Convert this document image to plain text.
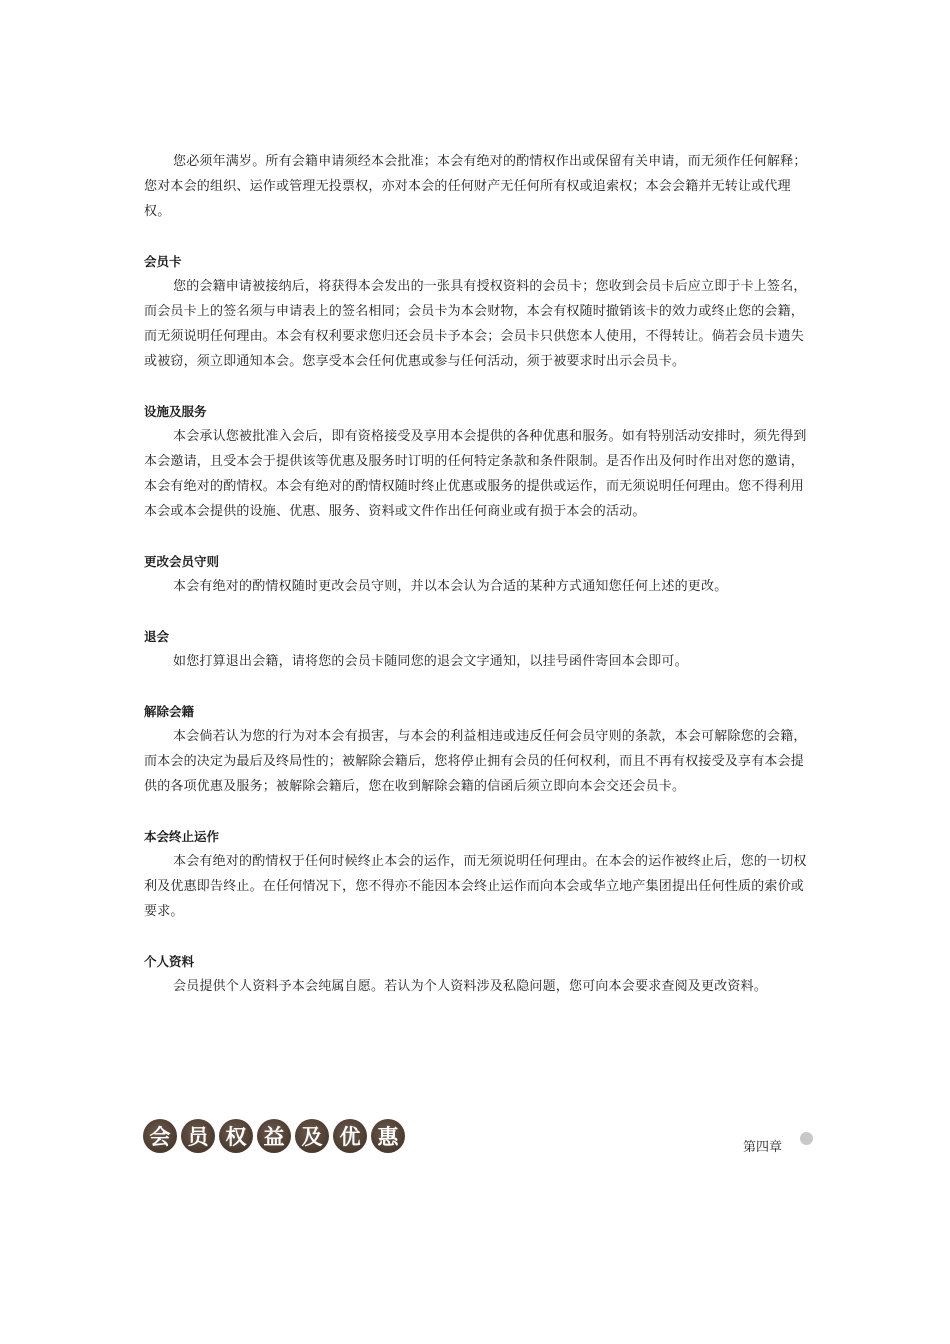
您必须年满岁。所有会籍申请须经本会批准；本会有绝对的酌情权作出或保留有关申请，而无须作任何解释；您对本会的组织、运作或管理无投票权，亦对本会的任何财产无任何所有权或追索权；本会会籍并无转让或代理权。

会员卡

您的会籍申请被接纳后，将获得本会发出的一张具有授权资料的会员卡；您收到会员卡后应立即于卡上签名，而会员卡上的签名须与申请表上的签名相同；会员卡为本会财物，本会有权随时撤销该卡的效力或终止您的会籍，而无须说明任何理由。本会有权利要求您归还会员卡予本会；会员卡只供您本人使用，不得转让。倘若会员卡遗失或被窃，须立即通知本会。您享受本会任何优惠或参与任何活动，须于被要求时出示会员卡。

设施及服务

本会承认您被批准入会后，即有资格接受及享用本会提供的各种优惠和服务。如有特别活动安排时，须先得到本会邀请，且受本会于提供该等优惠及服务时订明的任何特定条款和条件限制。是否作出及何时作出对您的邀请，本会有绝对的酌情权。本会有绝对的酌情权随时终止优惠或服务的提供或运作，而无须说明任何理由。您不得利用本会或本会提供的设施、优惠、服务、资料或文件作出任何商业或有损于本会的活动。

更改会员守则

本会有绝对的酌情权随时更改会员守则，并以本会认为合适的某种方式通知您任何上述的更改。

退会

如您打算退出会籍，请将您的会员卡随同您的退会文字通知，以挂号函件寄回本会即可。

解除会籍

本会倘若认为您的行为对本会有损害，与本会的利益相违或违反任何会员守则的条款，本会可解除您的会籍，而本会的决定为最后及终局性的；被解除会籍后，您将停止拥有会员的任何权利，而且不再有权接受及享有本会提供的各项优惠及服务；被解除会籍后，您在收到解除会籍的信函后须立即向本会交还会员卡。

本会终止运作

本会有绝对的酌情权于任何时候终止本会的运作，而无须说明任何理由。在本会的运作被终止后，您的一切权利及优惠即告终止。在任何情况下，您不得亦不能因本会终止运作而向本会或华立地产集团提出任何性质的索价或要求。

个人资料

会员提供个人资料予本会纯属自愿。若认为个人资料涉及私隐问题，您可向本会要求查阅及更改资料。

会 员 权 益 及 优 惠	第四章
